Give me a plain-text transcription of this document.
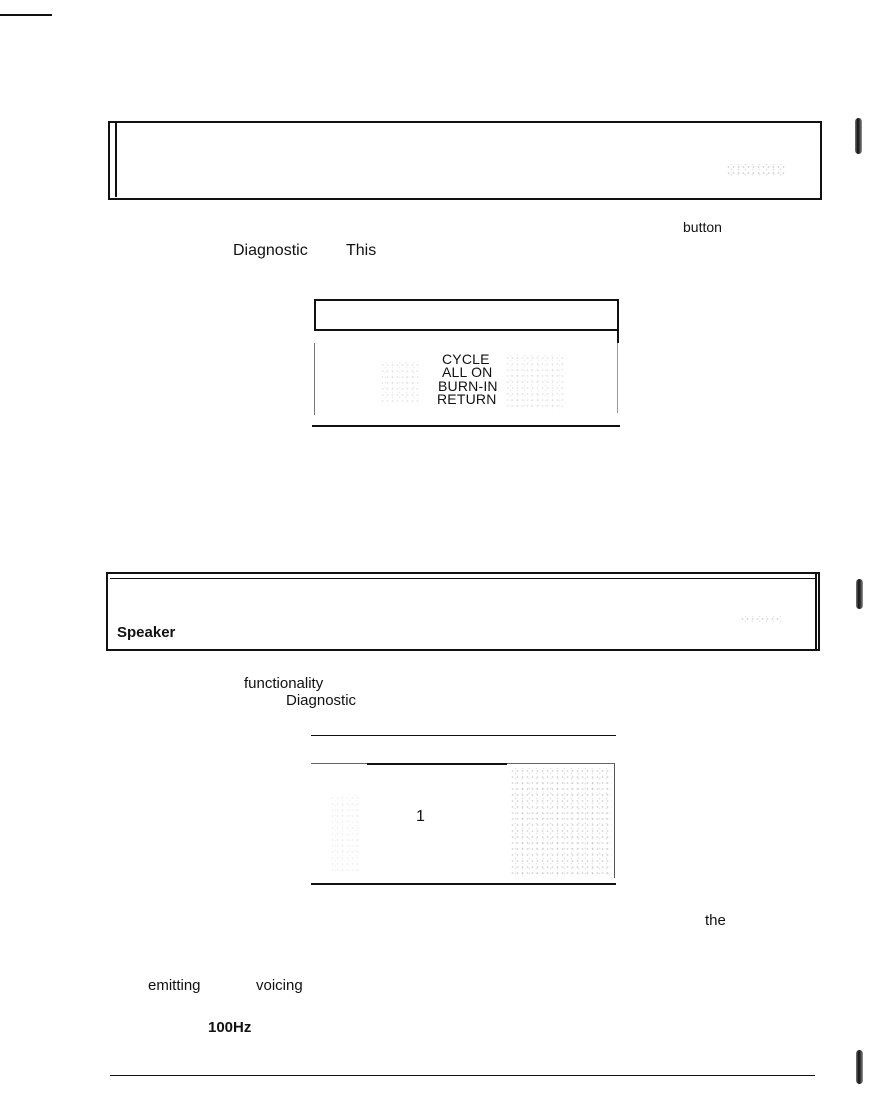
button
Diagnostic This
CYCLE
ALL ON
BURN-IN
RETURN
Speaker
functionality
Diagnostic
1
the
emitting	voicing
100Hz
